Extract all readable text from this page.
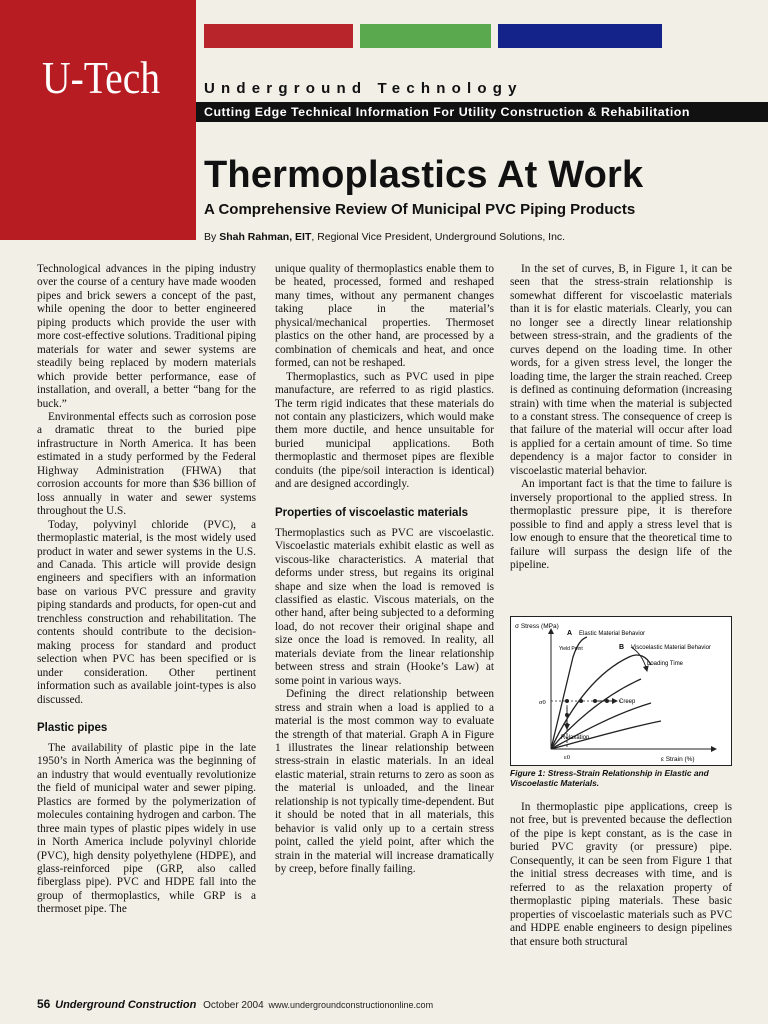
U-Tech	Underground Technology
Cutting Edge Technical Information For Utility Construction & Rehabilitation
Thermoplastics At Work
A Comprehensive Review Of Municipal PVC Piping Products
By Shah Rahman, EIT, Regional Vice President, Underground Solutions, Inc.

Technological advances in the piping industry over the course of a century have made wooden pipes and brick sewers a concept of the past, while opening the door to better engineered piping products which provide the user with more cost-effective solutions. Traditional piping materials for water and sewer systems are steadily being replaced by modern materials which provide better performance, ease of installation, and overall, a better “bang for the buck.”

Environmental effects such as corrosion pose a dramatic threat to the buried pipe infrastructure in North America. It has been estimated in a study performed by the Federal Highway Administration (FHWA) that corrosion accounts for more than $36 billion of loss annually in water and sewer systems throughout the U.S.

Today, polyvinyl chloride (PVC), a thermoplastic material, is the most widely used product in water and sewer systems in the U.S. and Canada. This article will provide design engineers and specifiers with an information base on various PVC pressure and gravity piping standards and products, for open-cut and trenchless construction and rehabilitation. The contents should contribute to the decision-making process for standard and product selection when PVC has been specified or is under consideration. Other pertinent information such as available joint-types is also discussed.

Plastic pipes

The availability of plastic pipe in the late 1950’s in North America was the beginning of an industry that would eventually revolutionize the field of municipal water and sewer piping. Plastics are formed by the polymerization of molecules containing hydrogen and carbon. The three main types of plastic pipes widely in use in North America include polyvinyl chloride (PVC), high density polyethylene (HDPE), and glass-reinforced pipe (GRP, also called fiberglass pipe). PVC and HDPE fall into the group of thermoplastics, while GRP is a thermoset pipe. The

unique quality of thermoplastics enable them to be heated, processed, formed and reshaped many times, without any permanent changes taking place in the material’s physical/mechanical properties. Thermoset plastics on the other hand, are processed by a combination of chemicals and heat, and once formed, can not be reshaped.

Thermoplastics, such as PVC used in pipe manufacture, are referred to as rigid plastics. The term rigid indicates that these materials do not contain any plasticizers, which would make them more ductile, and hence unsuitable for buried municipal applications. Both thermoplastic and thermoset pipes are flexible conduits (the pipe/soil interaction is identical) and are designed accordingly.

Properties of viscoelastic materials

Thermoplastics such as PVC are viscoelastic. Viscoelastic materials exhibit elastic as well as viscous-like characteristics. A material that deforms under stress, but regains its original shape and size when the load is removed is classified as elastic. Viscous materials, on the other hand, after being subjected to a deforming load, do not recover their original shape and size once the load is removed. In reality, all materials deviate from the linear relationship between stress and strain (Hooke’s Law) at some point in various ways.

Defining the direct relationship between stress and strain when a load is applied to a material is the most common way to evaluate the strength of that material. Graph A in Figure 1 illustrates the linear relationship between stress-strain in elastic materials. In an ideal elastic material, strain returns to zero as soon as the material is unloaded, and the linear relationship is not typically time-dependent. But it should be noted that in all materials, this behavior is valid only up to a certain stress point, called the yield point, after which the strain in the material will increase dramatically by creep, before finally failing.

In the set of curves, B, in Figure 1, it can be seen that the stress-strain relationship is somewhat different for viscoelastic materials than it is for elastic materials. Clearly, you can no longer see a directly linear relationship between stress-strain, and the gradients of the curves depend on the loading time. In other words, for a given stress level, the longer the loading time, the larger the strain reached. Creep is defined as continuing deformation (increasing strain) with time when the material is subjected to a constant stress. The consequence of creep is that failure of the material will occur after load is applied for a certain amount of time. So time dependency is a major factor to consider in viscoelastic material behavior.

An important fact is that the time to failure is inversely proportional to the applied stress. In thermoplastic pressure pipe, it is therefore possible to find and apply a stress level that is low enough to ensure that the theoretical time to failure will surpass the design life of the pipeline.

σ Stress (MPa)
ε Strain (%)
A Elastic Material Behavior
Yield Point	B Viscoelastic Material Behavior
Loading Time
σ0	Creep
Relaxation
ε0
Figure 1: Stress-Strain Relationship in Elastic and Viscoelastic Materials.

In thermoplastic pipe applications, creep is not free, but is prevented because the deflection of the pipe is kept constant, as is the case in buried PVC gravity (or pressure) pipe. Consequently, it can be seen from Figure 1 that the initial stress decreases with time, and is referred to as the relaxation property of thermoplastic piping materials. These basic properties of viscoelastic materials such as PVC and HDPE enable engineers to design pipelines that ensure both structural

56 Underground Construction October 2004 www.undergroundconstructiononline.com
